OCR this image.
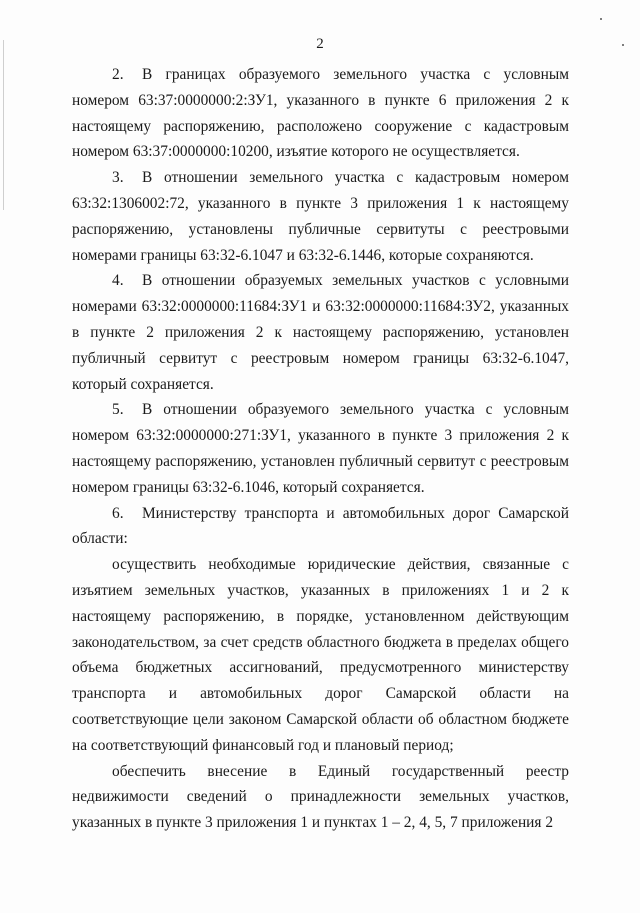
2

2. В границах образуемого земельного участка с условным номером 63:37:0000000:2:ЗУ1, указанного в пункте 6 приложения 2 к настоящему распоряжению, расположено сооружение с кадастровым номером 63:37:0000000:10200, изъятие которого не осуществляется.

3. В отношении земельного участка с кадастровым номером 63:32:1306002:72, указанного в пункте 3 приложения 1 к настоящему распоряжению, установлены публичные сервитуты с реестровыми номерами границы 63:32-6.1047 и 63:32-6.1446, которые сохраняются.

4. В отношении образуемых земельных участков с условными номерами 63:32:0000000:11684:ЗУ1 и 63:32:0000000:11684:ЗУ2, указанных в пункте 2 приложения 2 к настоящему распоряжению, установлен публичный сервитут с реестровым номером границы 63:32-6.1047, который сохраняется.

5. В отношении образуемого земельного участка с условным номером 63:32:0000000:271:ЗУ1, указанного в пункте 3 приложения 2 к настоящему распоряжению, установлен публичный сервитут с реестровым номером границы 63:32-6.1046, который сохраняется.

6. Министерству транспорта и автомобильных дорог Самарской области:

осуществить необходимые юридические действия, связанные с изъятием земельных участков, указанных в приложениях 1 и 2 к настоящему распоряжению, в порядке, установленном действующим законодательством, за счет средств областного бюджета в пределах общего объема бюджетных ассигнований, предусмотренного министерству транспорта и автомобильных дорог Самарской области на соответствующие цели законом Самарской области об областном бюджете на соответствующий финансовый год и плановый период;

обеспечить внесение в Единый государственный реестр недвижимости сведений о принадлежности земельных участков, указанных в пункте 3 приложения 1 и пунктах 1 – 2, 4, 5, 7 приложения 2
